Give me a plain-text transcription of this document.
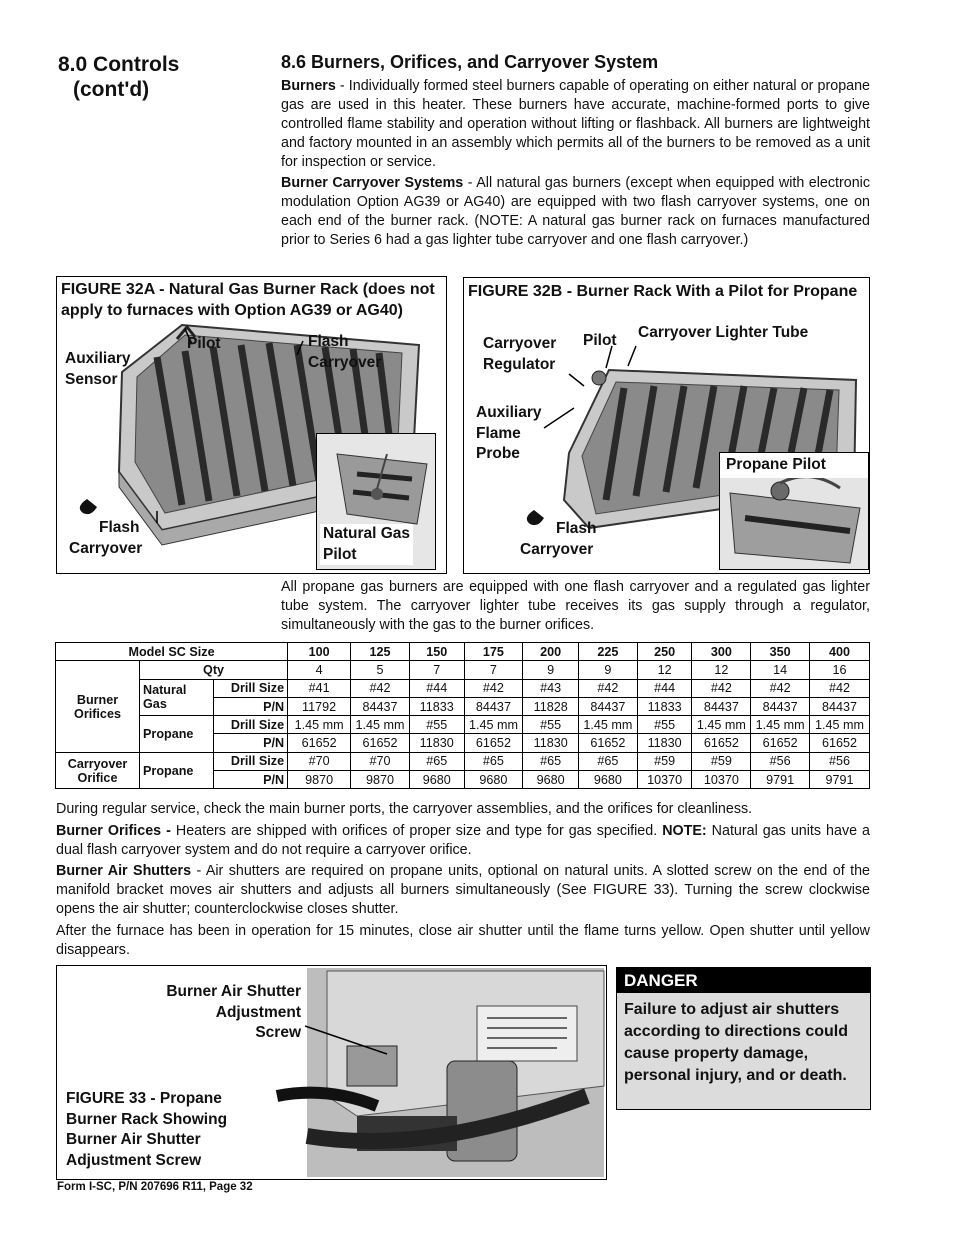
8.0 Controls
(cont'd)
8.6 Burners, Orifices, and Carryover System

Burners - Individually formed steel burners capable of operating on either natural or propane gas are used in this heater. These burners have accurate, machine-formed ports to give controlled flame stability and operation without lifting or flashback. All burners are lightweight and factory mounted in an assembly which permits all of the burners to be removed as a unit for inspection or service.

Burner Carryover Systems - All natural gas burners (except when equipped with electronic modulation Option AG39 or AG40) are equipped with two flash carryover systems, one on each end of the burner rack. (NOTE: A natural gas burner rack on furnaces manufactured prior to Series 6 had a gas lighter tube carryover and one flash carryover.)

FIGURE 32A - Natural Gas Burner Rack (does not apply to furnaces with Option AG39 or AG40)
Auxiliary
Sensor
Pilot	Flash
Carryover
Flash
Carryover
Natural Gas
Pilot
FIGURE 32B - Burner Rack With a Pilot for Propane
Carryover
Regulator
Pilot Carryover Lighter Tube
Auxiliary
Flame
Probe
Flash
Carryover
Propane Pilot

All propane gas burners are equipped with one flash carryover and a regulated gas lighter tube system. The carryover lighter tube receives its gas supply through a regulator, simultaneously with the gas to the burner orifices.

Model SC Size			100	125	150	175	200	225	250	300	350	400

Burner
Orifices	Qty		4	5	7	7	9	9	12	12	14	16

	Natural
Gas	Drill Size	#41	#42	#44	#42	#43	#42	#44	#42	#42	#42
		P/N	11792	84437	11833	84437	11828	84437	11833	84437	84437	84437
	Propane	Drill Size	1.45 mm	1.45 mm	#55	1.45 mm	#55	1.45 mm	#55	1.45 mm	1.45 mm	1.45 mm
		P/N	61652	61652	11830	61652	11830	61652	11830	61652	61652	61652

Carryover
Orifice	Propane	Drill Size	#70	#70	#65	#65	#65	#65	#59	#59	#56	#56
		P/N	9870	9870	9680	9680	9680	9680	10370	10370	9791	9791

During regular service, check the main burner ports, the carryover assemblies, and the orifices for cleanliness.

Burner Orifices - Heaters are shipped with orifices of proper size and type for gas specified. NOTE: Natural gas units have a dual flash carryover system and do not require a carryover orifice.

Burner Air Shutters - Air shutters are required on propane units, optional on natural units. A slotted screw on the end of the manifold bracket moves air shutters and adjusts all burners simultaneously (See FIGURE 33). Turning the screw clockwise opens the air shutter; counterclockwise closes shutter.

After the furnace has been in operation for 15 minutes, close air shutter until the flame turns yellow. Open shutter until yellow disappears.

Burner Air Shutter
Adjustment
Screw
FIGURE 33 - Propane
Burner Rack Showing
Burner Air Shutter
Adjustment Screw
DANGER
Failure to adjust air shutters according to directions could cause property damage, personal injury, and or death.
Form I-SC, P/N 207696 R11, Page 32
